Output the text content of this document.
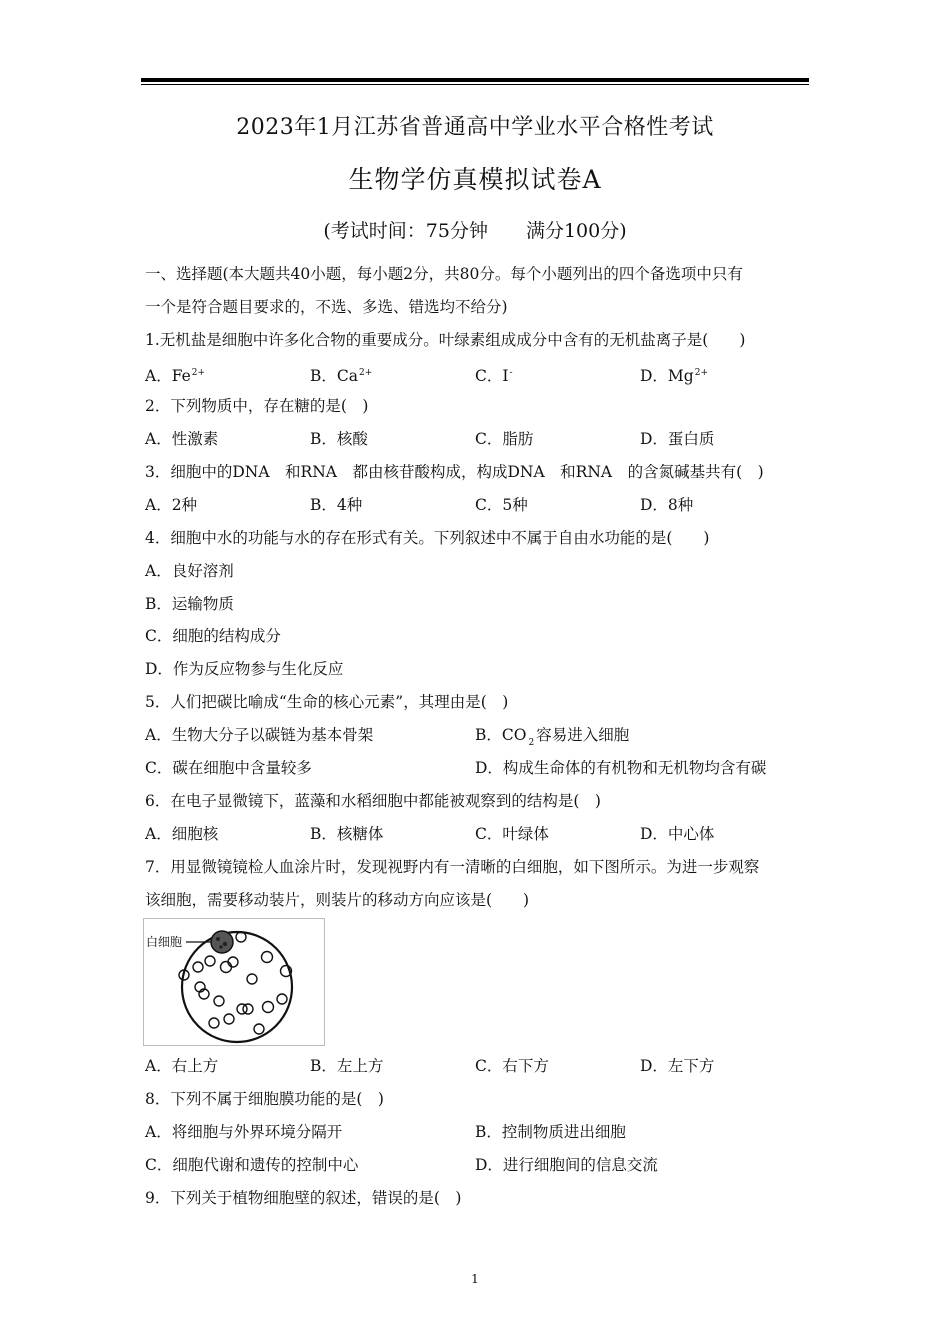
2023年1月江苏省普通高中学业水平合格性考试
生物学仿真模拟试卷A
(考试时间：75分钟　　满分100分)
一、选择题(本大题共40小题，每小题2分，共80分。每个小题列出的四个备选项中只有
一个是符合题目要求的，不选、多选、错选均不给分)
1.无机盐是细胞中许多化合物的重要成分。叶绿素组成成分中含有的无机盐离子是(　　)
A．$Fe^{2+}$	B．$Ca^{2+}$	C．I-	D．$Mg^{2+}$
2．下列物质中，存在糖的是(　)
A．性激素	B．核酸	C．脂肪	D．蛋白质
3．细胞中的DNA　和RNA　都由核苷酸构成，构成DNA　和RNA　的含氮碱基共有(　)
A．2种	B．4种	C．5种	D．8种
4．细胞中水的功能与水的存在形式有关。下列叙述中不属于自由水功能的是(　　)
A．良好溶剂
B．运输物质
C．细胞的结构成分
D．作为反应物参与生化反应
5．人们把碳比喻成“生命的核心元素”，其理由是(　)
A．生物大分子以碳链为基本骨架	B．CO $_2$ 容易进入细胞
C．碳在细胞中含量较多	D．构成生命体的有机物和无机物均含有碳
6．在电子显微镜下，蓝藻和水稻细胞中都能被观察到的结构是(　)
A．细胞核	B．核糖体	C．叶绿体	D．中心体
7．用显微镜镜检人血涂片时，发现视野内有一清晰的白细胞，如下图所示。为进一步观察
该细胞，需要移动装片，则装片的移动方向应该是(　　)
白细胞
A．右上方	B．左上方	C．右下方	D．左下方
8．下列不属于细胞膜功能的是(　)
A．将细胞与外界环境分隔开	B．控制物质进出细胞
C．细胞代谢和遗传的控制中心	D．进行细胞间的信息交流
9．下列关于植物细胞壁的叙述，错误的是(　)
1
